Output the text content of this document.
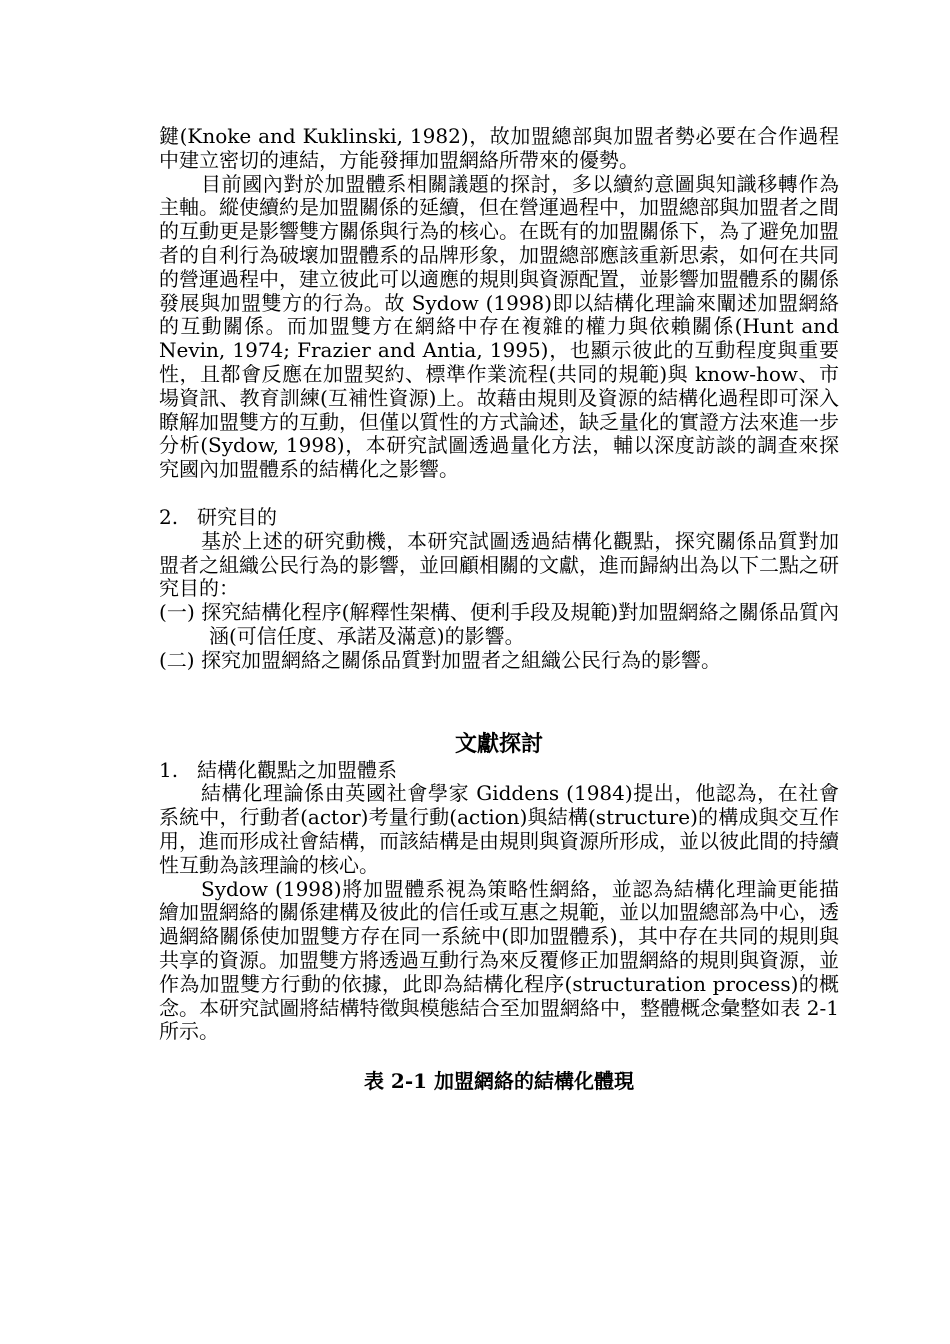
鍵(Knoke and Kuklinski, 1982)，故加盟總部與加盟者勢必要在合作過程中建立密切的連結，方能發揮加盟網絡所帶來的優勢。

目前國內對於加盟體系相關議題的探討，多以續約意圖與知識移轉作為主軸。縱使續約是加盟關係的延續，但在營運過程中，加盟總部與加盟者之間的互動更是影響雙方關係與行為的核心。在既有的加盟關係下，為了避免加盟者的自利行為破壞加盟體系的品牌形象，加盟總部應該重新思索，如何在共同的營運過程中，建立彼此可以適應的規則與資源配置，並影響加盟體系的關係發展與加盟雙方的行為。故 Sydow (1998)即以結構化理論來闡述加盟網絡的互動關係。而加盟雙方在網絡中存在複雜的權力與依賴關係(Hunt and Nevin, 1974; Frazier and Antia, 1995)，也顯示彼此的互動程度與重要性，且都會反應在加盟契約、標準作業流程(共同的規範)與 know-how、市場資訊、教育訓練(互補性資源)上。故藉由規則及資源的結構化過程即可深入瞭解加盟雙方的互動，但僅以質性的方式論述，缺乏量化的實證方法來進一步分析(Sydow, 1998)，本研究試圖透過量化方法，輔以深度訪談的調查來探究國內加盟體系的結構化之影響。

2. 研究目的

基於上述的研究動機，本研究試圖透過結構化觀點，探究關係品質對加盟者之組織公民行為的影響，並回顧相關的文獻，進而歸納出為以下二點之研究目的：

(一) 探究結構化程序(解釋性架構、便利手段及規範)對加盟網絡之關係品質內涵(可信任度、承諾及滿意)的影響。

(二) 探究加盟網絡之關係品質對加盟者之組織公民行為的影響。

文獻探討

1. 結構化觀點之加盟體系

結構化理論係由英國社會學家 Giddens (1984)提出，他認為，在社會系統中，行動者(actor)考量行動(action)與結構(structure)的構成與交互作用，進而形成社會結構，而該結構是由規則與資源所形成，並以彼此間的持續性互動為該理論的核心。

Sydow (1998)將加盟體系視為策略性網絡，並認為結構化理論更能描繪加盟網絡的關係建構及彼此的信任或互惠之規範，並以加盟總部為中心，透過網絡關係使加盟雙方存在同一系統中(即加盟體系)，其中存在共同的規則與共享的資源。加盟雙方將透過互動行為來反覆修正加盟網絡的規則與資源，並作為加盟雙方行動的依據，此即為結構化程序(structuration process)的概念。本研究試圖將結構特徵與模態結合至加盟網絡中，整體概念彙整如表 2-1 所示。

表 2-1 加盟網絡的結構化體現
